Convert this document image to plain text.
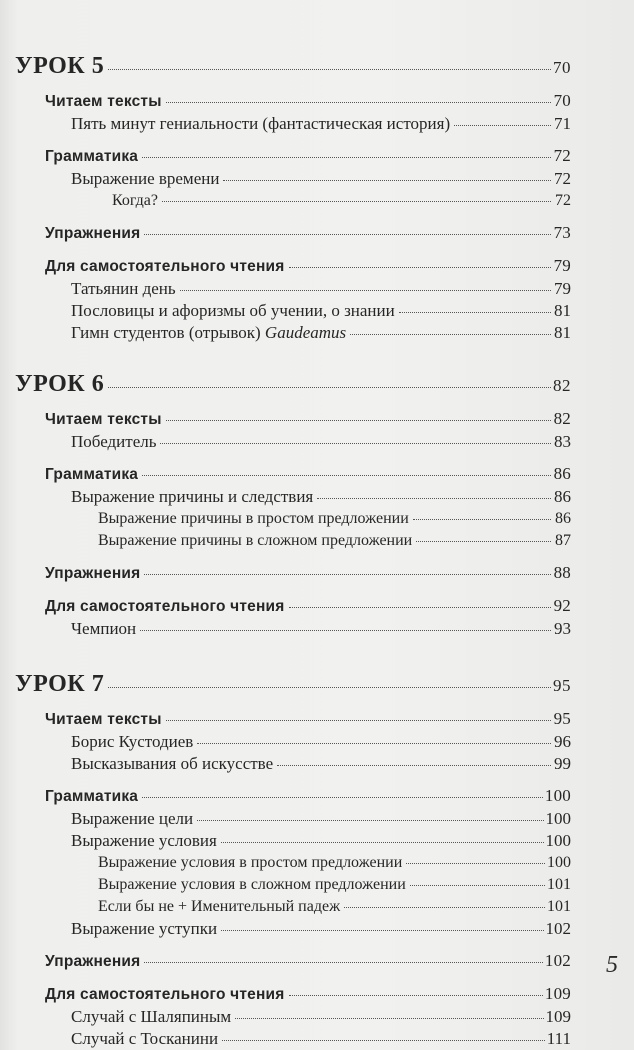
УРОК 5	70
Читаем тексты	70
Пять минут гениальности (фантастическая история)	71
Грамматика	72
Выражение времени	72
Когда?	72
Упражнения	73
Для самостоятельного чтения	79
Татьянин день	79
Пословицы и афоризмы об учении, о знании	81
Гимн студентов (отрывок) Gaudeamus	81
УРОК 6	82
Читаем тексты	82
Победитель	83
Грамматика	86
Выражение причины и следствия	86
Выражение причины в простом предложении	86
Выражение причины в сложном предложении	87
Упражнения	88
Для самостоятельного чтения	92
Чемпион	93
УРОК 7	95
Читаем тексты	95
Борис Кустодиев	96
Высказывания об искусстве	99
Грамматика	100
Выражение цели	100
Выражение условия	100
Выражение условия в простом предложении	100
Выражение условия в сложном предложении	101
Если бы не + Именительный падеж	101
Выражение уступки	102
Упражнения	102
Для самостоятельного чтения	109
Случай с Шаляпиным	109
Случай с Тосканини	111
5
